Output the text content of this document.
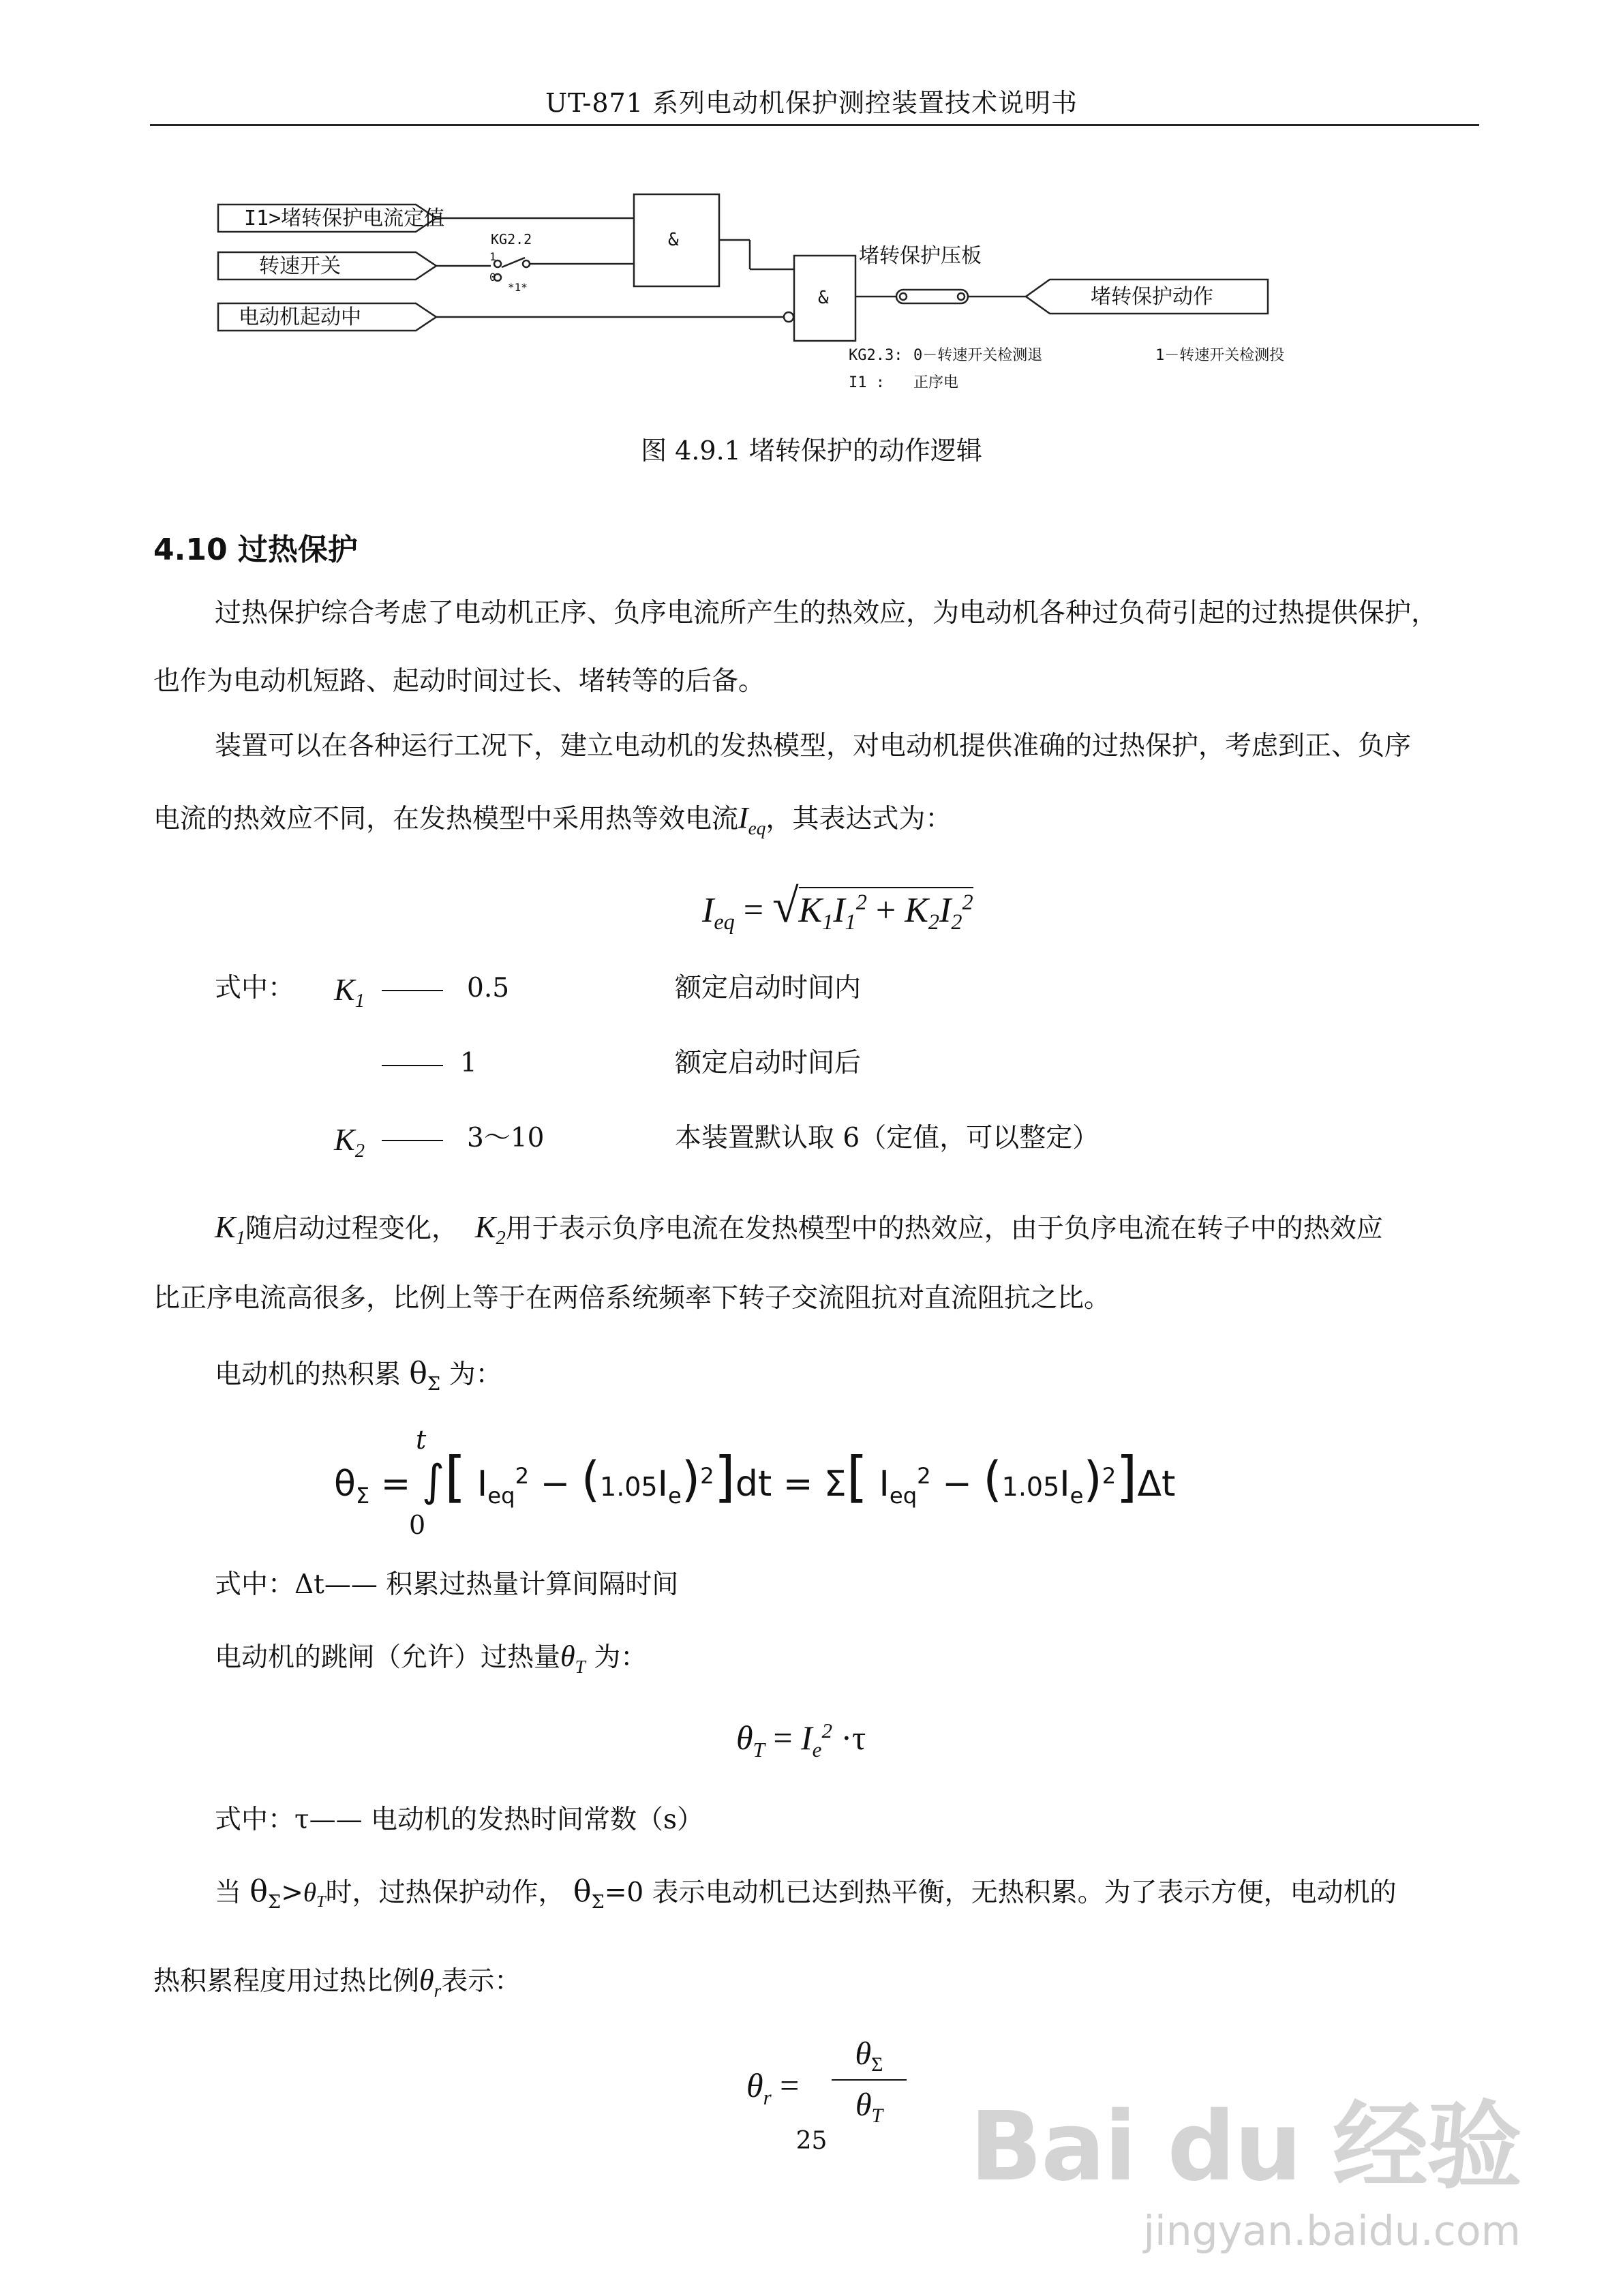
UT-871 系列电动机保护测控装置技术说明书
I1>堵转保护电流定值
转速开关
电动机起动中
&
&
KG2.2
1
0
*1*
堵转保护压板
堵转保护动作
KG2.3: 0－转速开关检测退	1－转速开关检测投
I1 : 正序电
图 4.9.1 堵转保护的动作逻辑
4.10 过热保护
过热保护综合考虑了电动机正序、负序电流所产生的热效应，为电动机各种过负荷引起的过热提供保护，
也作为电动机短路、起动时间过长、堵转等的后备。
装置可以在各种运行工况下，建立电动机的发热模型，对电动机提供准确的过热保护，考虑到正、负序
电流的热效应不同，在发热模型中采用热等效电流$I_{eq}$，其表达式为：
$I_{eq} = √K_1I_1^2 + K_2I_2^2$
式中： $K_1$	0.5	额定启动时间内
1	额定启动时间后
$K_2$	3～10	本装置默认取 6（定值，可以整定）
$K_1$随启动过程变化， $K_2$用于表示负序电流在发热模型中的热效应，由于负序电流在转子中的热效应
比正序电流高很多，比例上等于在两倍系统频率下转子交流阻抗对直流阻抗之比。
电动机的热积累 $\theta_\Sigma$ 为：
$\theta_\Sigma$ = ∫[ $I_{eq}^2 - (1.05I_e)^2]dt = \Sigma$[ $I_{eq}^2 - (1.05I_e)^2]\Delta t$
t
0
式中：Δt—— 积累过热量计算间隔时间
电动机的跳闸（允许）过热量$\theta_T$ 为：
$\theta_T = I_e^2 \cdot\tau$
式中：τ—— 电动机的发热时间常数（s）
当 $\theta_\Sigma>\theta_T$时，过热保护动作， $\theta_\Sigma=0$ 表示电动机已达到热平衡，无热积累。为了表示方便，电动机的
热积累程度用过热比例$\theta_r$表示：
$\theta_r$ =
$\theta_\Sigma$
$\theta_T$
25	Bai du 经验
jingyan.baidu.com
